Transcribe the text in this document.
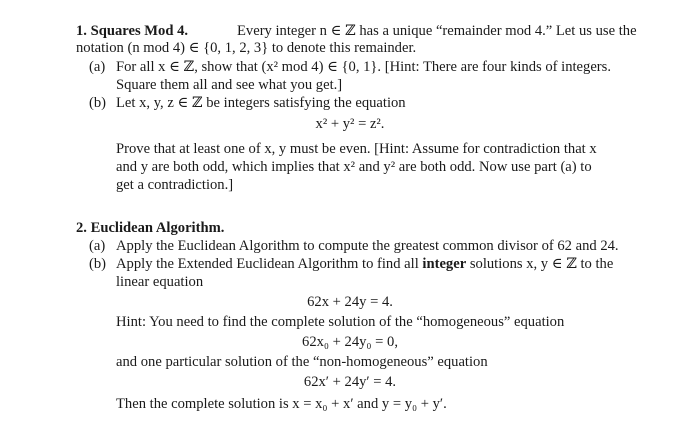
1. Squares Mod 4.	Every integer n ∈ ℤ has a unique “remainder mod 4.” Let us use the
notation (n mod 4) ∈ {0, 1, 2, 3} to denote this remainder.
(a) For all x ∈ ℤ, show that (x² mod 4) ∈ {0, 1}. [Hint: There are four kinds of integers.
Square them all and see what you get.]
(b) Let x, y, z ∈ ℤ be integers satisfying the equation
x² + y² = z².
Prove that at least one of x, y must be even. [Hint: Assume for contradiction that x
and y are both odd, which implies that x² and y² are both odd. Now use part (a) to
get a contradiction.]
2. Euclidean Algorithm.
(a) Apply the Euclidean Algorithm to compute the greatest common divisor of 62 and 24.
(b) Apply the Extended Euclidean Algorithm to find all integer solutions x, y ∈ ℤ to the
linear equation
62x + 24y = 4.
Hint: You need to find the complete solution of the “homogeneous” equation
62x₀ + 24y₀ = 0,
and one particular solution of the “non-homogeneous” equation
62x′ + 24y′ = 4.
Then the complete solution is x = x₀ + x′ and y = y₀ + y′.
